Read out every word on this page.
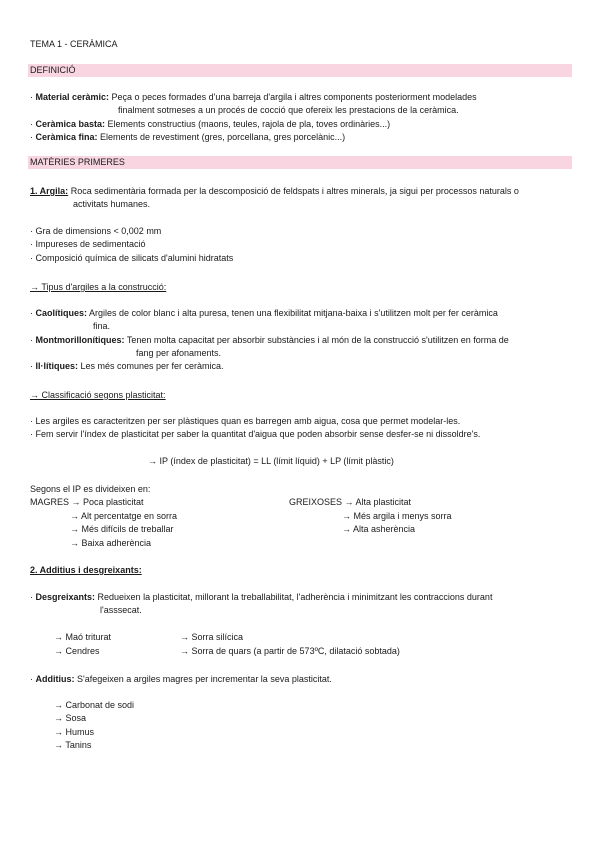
TEMA 1 - CERÀMICA
DEFINICIÓ
· Material ceràmic: Peça o peces formades d'una barreja d'argila i altres components posteriorment modelades
finalment sotmeses a un procés de cocció que ofereix les prestacions de la ceràmica.
· Ceràmica basta: Elements constructius (maons, teules, rajola de pla, toves ordinàries...)
· Ceràmica fina: Elements de revestiment (gres, porcellana, gres porcelànic...)
MATÈRIES PRIMERES
1. Argila: Roca sedimentària formada per la descomposició de feldspats i altres minerals, ja sigui per processos naturals o
activitats humanes.
· Gra de dimensions < 0,002 mm
· Impureses de sedimentació
· Composició química de silicats d'alumini hidratats
→ Tipus d'argiles a la construcció:
· Caolítiques: Argiles de color blanc i alta puresa, tenen una flexibilitat mitjana-baixa i s'utilitzen molt per fer ceràmica
fina.
· Montmorillonítiques: Tenen molta capacitat per absorbir substàncies i al món de la construcció s'utilitzen en forma de
fang per afonaments.
· Il·lítiques: Les més comunes per fer ceràmica.
→ Classificació segons plasticitat:
· Les argiles es caracteritzen per ser plàstiques quan es barregen amb aigua, cosa que permet modelar-les.
· Fem servir l'índex de plasticitat per saber la quantitat d'aigua que poden absorbir sense desfer-se ni dissoldre's.
→ IP (índex de plasticitat) = LL (límit líquid) + LP (límit plàstic)
Segons el IP es divideixen en:
MAGRES → Poca plasticitat
→ Alt percentatge en sorra
→ Més difícils de treballar
→ Baixa adherència
GREIXOSES → Alta plasticitat
→ Més argila i menys sorra
→ Alta asherència
2. Additius i desgreixants:
· Desgreixants: Redueixen la plasticitat, millorant la treballabilitat, l'adherència i minimitzant les contraccions durant
l'asssecat.
→ Maó triturat
→ Cendres
→ Sorra silícica
→ Sorra de quars (a partir de 573ºC, dilatació sobtada)
· Additius: S'afegeixen a argiles magres per incrementar la seva plasticitat.
→ Carbonat de sodi
→ Sosa
→ Humus
→ Tanins
